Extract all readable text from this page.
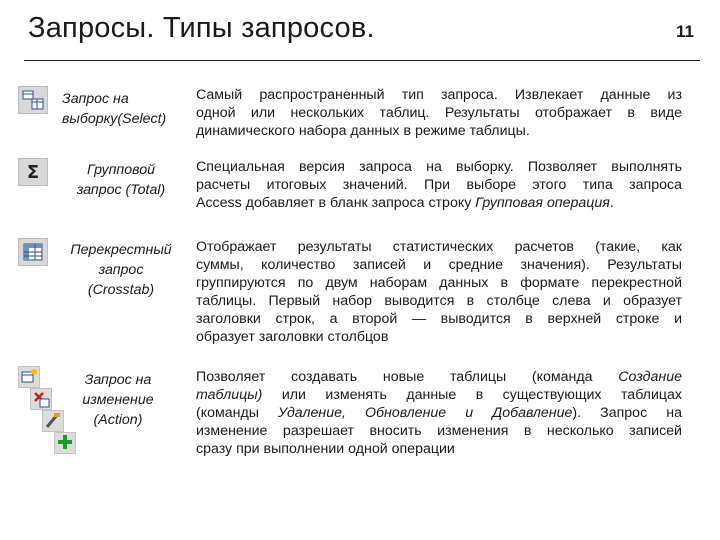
Запросы. Типы запросов.	11
Запрос на
выборку(Select)
Самый распространенный тип запроса. Извлекает данные из
одной или нескольких таблиц. Результаты отображает в виде
динамического набора данных в режиме таблицы.
Σ	Групповой
запрос (Total)
Специальная версия запроса на выборку. Позволяет выполнять
расчеты итоговых значений. При выборе этого типа запроса
Access добавляет в бланк запроса строку Групповая операция.
Перекрестный
запрос
(Crosstab)
Отображает результаты статистических расчетов (такие, как
суммы, количество записей и средние значения). Результаты
группируются по двум наборам данных в формате перекрестной
таблицы. Первый набор выводится в столбце слева и образует
заголовки строк, а второй — выводится в верхней строке и
образует заголовки столбцов
Запрос на
изменение
(Action)
Позволяет создавать новые таблицы (команда Создание
таблицы) или изменять данные в существующих таблицах
(команды Удаление, Обновление и Добавление). Запрос на
изменение разрешает вносить изменения в несколько записей
сразу при выполнении одной операции
